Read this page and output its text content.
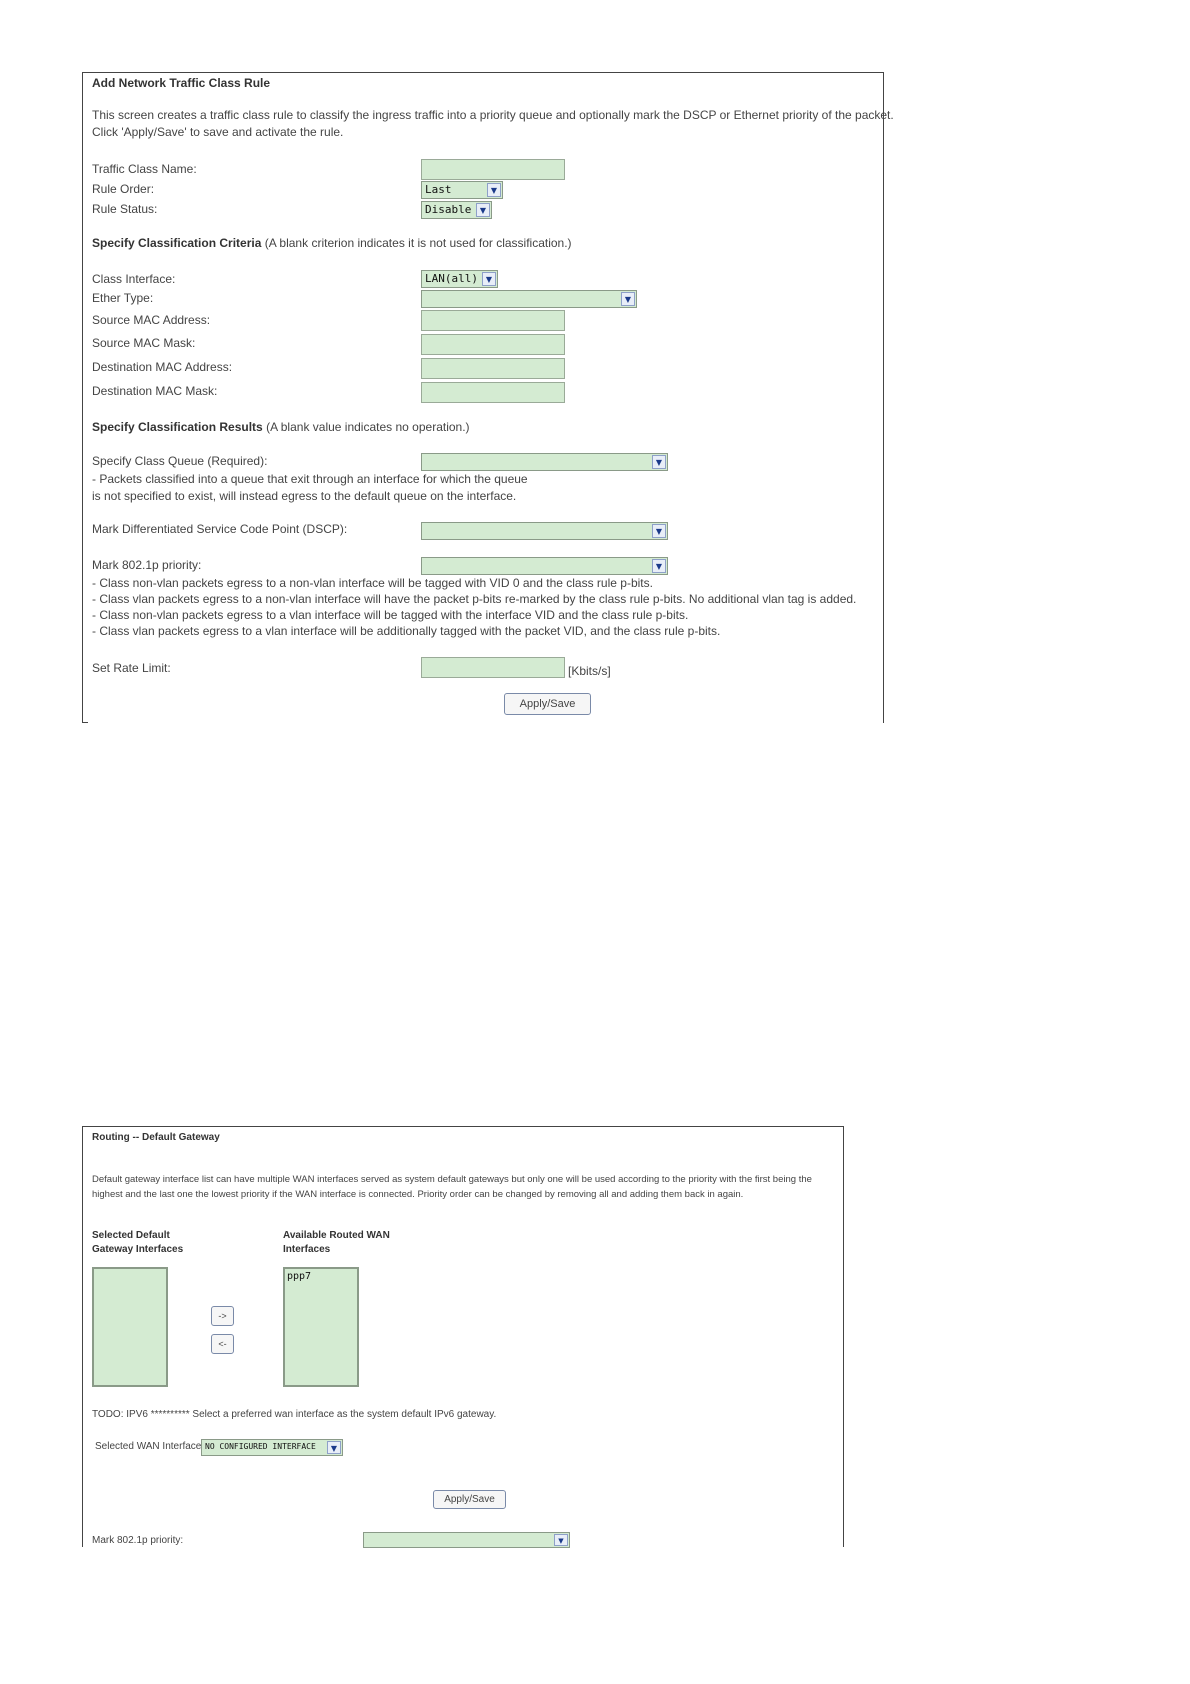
Add Network Traffic Class Rule
This screen creates a traffic class rule to classify the ingress traffic into a priority queue and optionally mark the DSCP or Ethernet priority of the packet.
Click 'Apply/Save' to save and activate the rule.
Traffic Class Name:
Rule Order:	Last	▼
Rule Status:	Disable	▼
Specify Classification Criteria (A blank criterion indicates it is not used for classification.)
Class Interface:	LAN(all) ▼
Ether Type:	▼
Source MAC Address:
Source MAC Mask:
Destination MAC Address:
Destination MAC Mask:
Specify Classification Results (A blank value indicates no operation.)
Specify Class Queue (Required):	▼
- Packets classified into a queue that exit through an interface for which the queue
is not specified to exist, will instead egress to the default queue on the interface.
Mark Differentiated Service Code Point (DSCP):	▼
Mark 802.1p priority:	▼
- Class non-vlan packets egress to a non-vlan interface will be tagged with VID 0 and the class rule p-bits.
- Class vlan packets egress to a non-vlan interface will have the packet p-bits re-marked by the class rule p-bits. No additional vlan tag is added.
- Class non-vlan packets egress to a vlan interface will be tagged with the interface VID and the class rule p-bits.
- Class vlan packets egress to a vlan interface will be additionally tagged with the packet VID, and the class rule p-bits.
Set Rate Limit:	[Kbits/s]
Apply/Save
Routing -- Default Gateway
Default gateway interface list can have multiple WAN interfaces served as system default gateways but only one will be used according to the priority with the first being the
highest and the last one the lowest priority if the WAN interface is connected. Priority order can be changed by removing all and adding them back in again.
Selected Default
Gateway Interfaces
Available Routed WAN
Interfaces
->
<-
ppp7
TODO: IPV6 ********** Select a preferred wan interface as the system default IPv6 gateway.
Selected WAN Interface NO CONFIGURED INTERFACE	▼
Apply/Save
Mark 802.1p priority:	▼
